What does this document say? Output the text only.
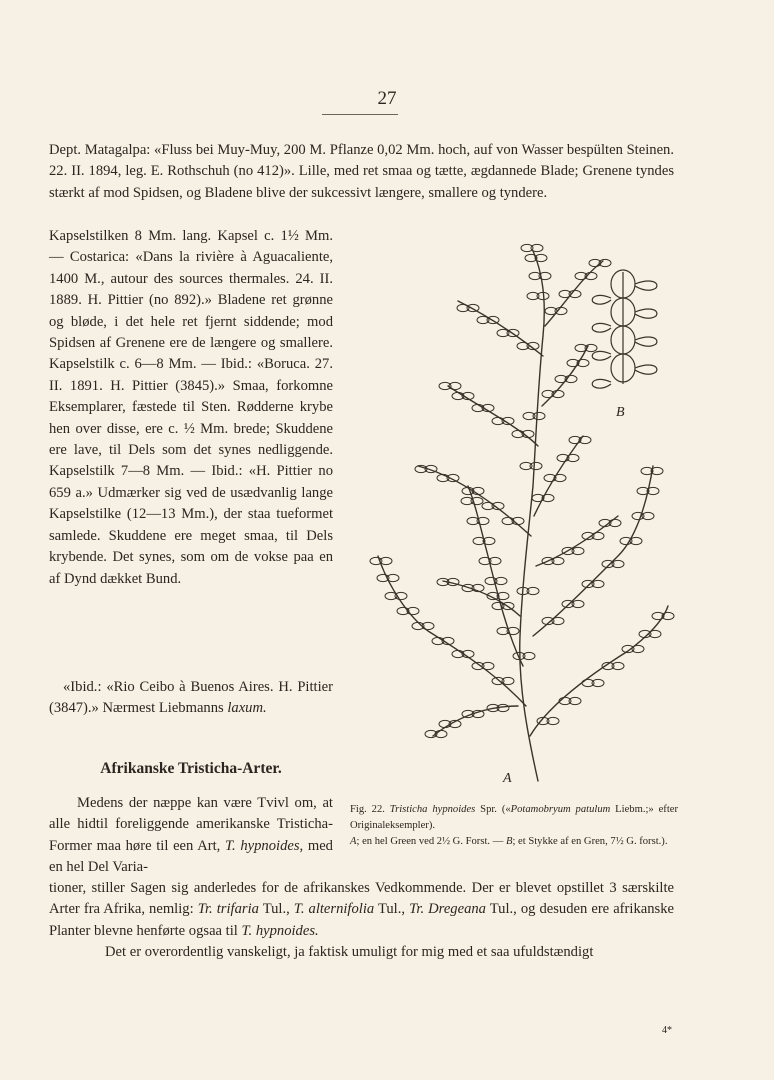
27

Dept. Matagalpa: «Fluss bei Muy-Muy, 200 M. Pflanze 0,02 Mm. hoch, auf von Wasser bespülten Steinen. 22. II. 1894, leg. E. Rothschuh (no 412)». Lille, med ret smaa og tætte, ægdannede Blade; Grenene tyndes stærkt af mod Spidsen, og Bladene blive der sukcessivt længere, smallere og tyndere.

Kapselstilken 8 Mm. lang. Kapsel c. 1½ Mm. — Costarica: «Dans la rivière à Aguacaliente, 1400 M., autour des sources thermales. 24. II. 1889. H. Pittier (no 892).» Bladene ret grønne og bløde, i det hele ret fjernt siddende; mod Spidsen af Grenene ere de længere og smallere. Kapselstilk c. 6—8 Mm. — Ibid.: «Boruca. 27. II. 1891. H. Pittier (3845).» Smaa, forkomne Eksemplarer, fæstede til Sten. Rødderne krybe hen over disse, ere c. ½ Mm. brede; Skuddene ere lave, til Dels som det synes nedliggende. Kapselstilk 7—8 Mm. — Ibid.: «H. Pittier no 659 a.» Udmærker sig ved de usædvanlig lange Kapselstilke (12—13 Mm.), der staa tueformet samlede. Skuddene ere meget smaa, til Dels krybende. Det synes, som om de vokse paa en af Dynd dækket Bund.

«Ibid.: «Rio Ceibo à Buenos Aires. H. Pittier (3847).» Nærmest Liebmanns laxum.

Afrikanske Tristicha-Arter.

Medens der næppe kan være Tvivl om, at alle hidtil foreliggende amerikanske Tristicha-Former maa høre til een Art, T. hypnoides, med en hel Del Varia-

tioner, stiller Sagen sig anderledes for de afrikanskes Vedkommende. Der er blevet opstillet 3 særskilte Arter fra Afrika, nemlig: Tr. trifaria Tul., T. alternifolia Tul., Tr. Dregeana Tul., og desuden ere afrikanske Planter blevne henførte ogsaa til T. hypnoides.

Det er overordentlig vanskeligt, ja faktisk umuligt for mig med et saa ufuldstændigt

4*
B
A

Fig. 22. Tristicha hypnoides Spr. («Potamobryum patulum Liebm.;» efter Originaleksempler).

A; en hel Green ved 2½ G. Forst. — B; et Stykke af en Gren, 7½ G. forst.).
